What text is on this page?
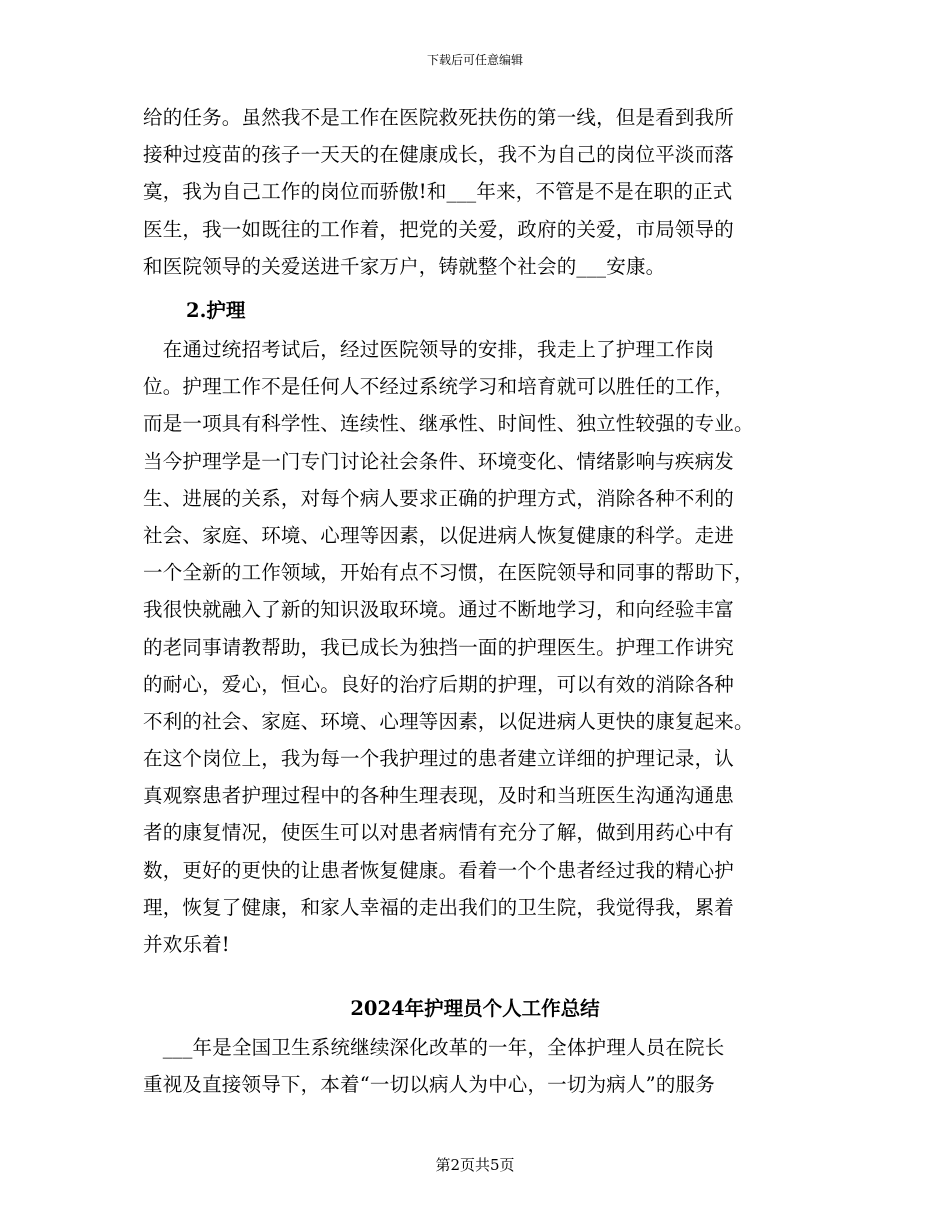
下载后可任意编辑
给的任务。虽然我不是工作在医院救死扶伤的第一线，但是看到我所
接种过疫苗的孩子一天天的在健康成长，我不为自己的岗位平淡而落
寞，我为自己工作的岗位而骄傲!和___年来，不管是不是在职的正式
医生，我一如既往的工作着，把党的关爱，政府的关爱，市局领导的
和医院领导的关爱送进千家万户，铸就整个社会的___安康。
2.护理
　在通过统招考试后，经过医院领导的安排，我走上了护理工作岗
位。护理工作不是任何人不经过系统学习和培育就可以胜任的工作，
而是一项具有科学性、连续性、继承性、时间性、独立性较强的专业。
当今护理学是一门专门讨论社会条件、环境变化、情绪影响与疾病发
生、进展的关系，对每个病人要求正确的护理方式，消除各种不利的
社会、家庭、环境、心理等因素，以促进病人恢复健康的科学。走进
一个全新的工作领域，开始有点不习惯，在医院领导和同事的帮助下，
我很快就融入了新的知识汲取环境。通过不断地学习，和向经验丰富
的老同事请教帮助，我已成长为独挡一面的护理医生。护理工作讲究
的耐心，爱心，恒心。良好的治疗后期的护理，可以有效的消除各种
不利的社会、家庭、环境、心理等因素，以促进病人更快的康复起来。
在这个岗位上，我为每一个我护理过的患者建立详细的护理记录，认
真观察患者护理过程中的各种生理表现，及时和当班医生沟通沟通患
者的康复情况，使医生可以对患者病情有充分了解，做到用药心中有
数，更好的更快的让患者恢复健康。看着一个个患者经过我的精心护
理，恢复了健康，和家人幸福的走出我们的卫生院，我觉得我，累着
并欢乐着!
2024年护理员个人工作总结
　___年是全国卫生系统继续深化改革的一年，全体护理人员在院长
重视及直接领导下，本着“一切以病人为中心，一切为病人”的服务
第2页共5页
